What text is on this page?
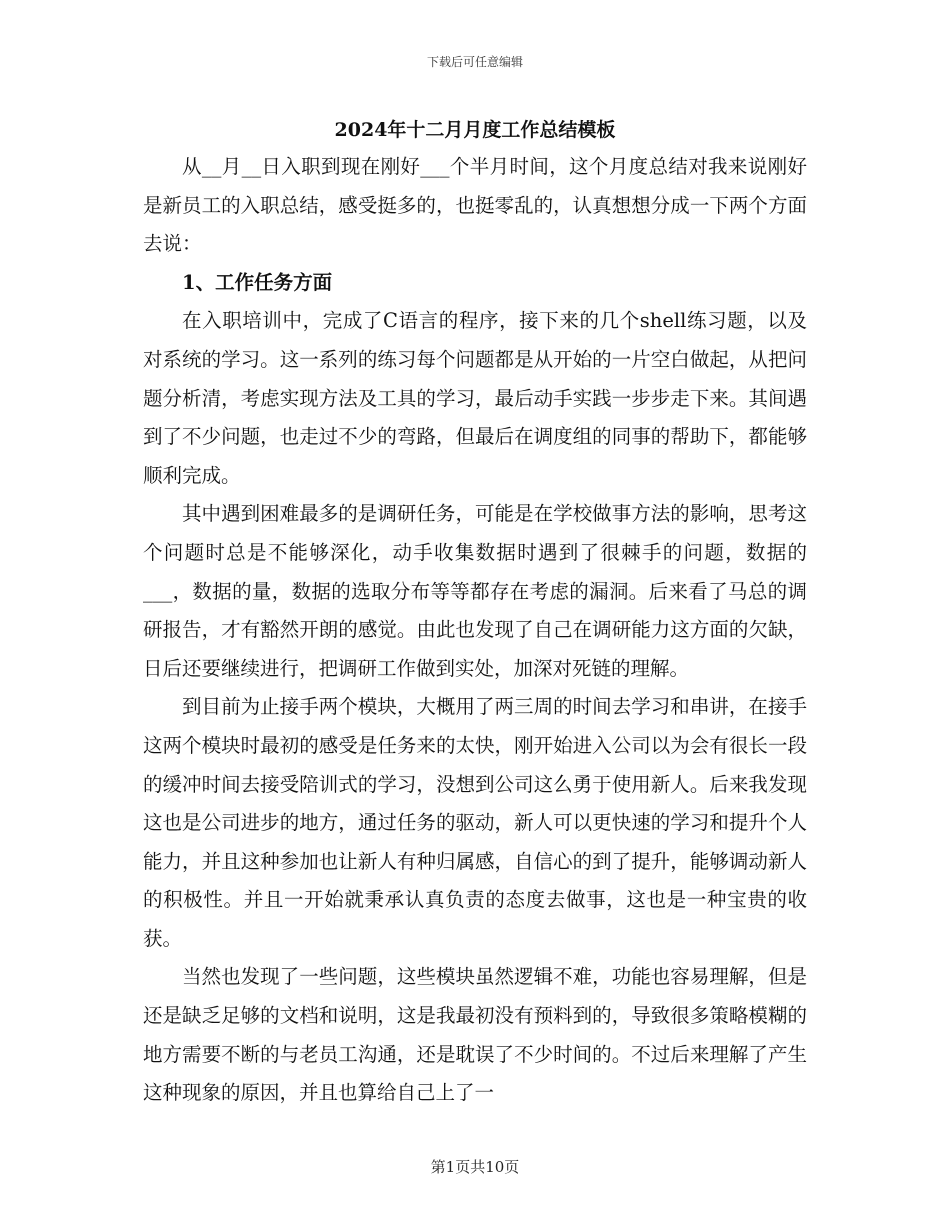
下载后可任意编辑
2024年十二月月度工作总结模板

从__月__日入职到现在刚好___个半月时间，这个月度总结对我来说刚好是新员工的入职总结，感受挺多的，也挺零乱的，认真想想分成一下两个方面去说：

1、工作任务方面

在入职培训中，完成了C语言的程序，接下来的几个shell练习题，以及对系统的学习。这一系列的练习每个问题都是从开始的一片空白做起，从把问题分析清，考虑实现方法及工具的学习，最后动手实践一步步走下来。其间遇到了不少问题，也走过不少的弯路，但最后在调度组的同事的帮助下，都能够顺利完成。

其中遇到困难最多的是调研任务，可能是在学校做事方法的影响，思考这个问题时总是不能够深化，动手收集数据时遇到了很棘手的问题，数据的___，数据的量，数据的选取分布等等都存在考虑的漏洞。后来看了马总的调研报告，才有豁然开朗的感觉。由此也发现了自己在调研能力这方面的欠缺，日后还要继续进行，把调研工作做到实处，加深对死链的理解。

到目前为止接手两个模块，大概用了两三周的时间去学习和串讲，在接手这两个模块时最初的感受是任务来的太快，刚开始进入公司以为会有很长一段的缓冲时间去接受陪训式的学习，没想到公司这么勇于使用新人。后来我发现这也是公司进步的地方，通过任务的驱动，新人可以更快速的学习和提升个人能力，并且这种参加也让新人有种归属感，自信心的到了提升，能够调动新人的积极性。并且一开始就秉承认真负责的态度去做事，这也是一种宝贵的收获。

当然也发现了一些问题，这些模块虽然逻辑不难，功能也容易理解，但是还是缺乏足够的文档和说明，这是我最初没有预料到的，导致很多策略模糊的地方需要不断的与老员工沟通，还是耽误了不少时间的。不过后来理解了产生这种现象的原因，并且也算给自己上了一

第1页共10页
